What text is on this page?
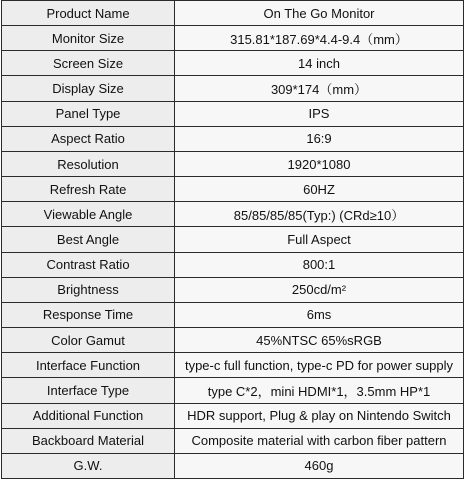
Product Name	On The Go Monitor
Monitor Size	315.81*187.69*4.4-9.4（mm）
Screen Size	14 inch
Display Size	309*174（mm）
Panel Type	IPS
Aspect Ratio	16:9
Resolution	1920*1080
Refresh Rate	60HZ
Viewable Angle	85/85/85/85(Typ:) (CRd≥10）
Best Angle	Full Aspect
Contrast Ratio	800:1
Brightness	250cd/m²
Response Time	6ms
Color Gamut	45%NTSC 65%sRGB
Interface Function	type-c full function, type-c PD for power supply
Interface Type	type C*2，mini HDMI*1，3.5mm HP*1
Additional Function	HDR support, Plug & play on Nintendo Switch
Backboard Material	Composite material with carbon fiber pattern
G.W.	460g
